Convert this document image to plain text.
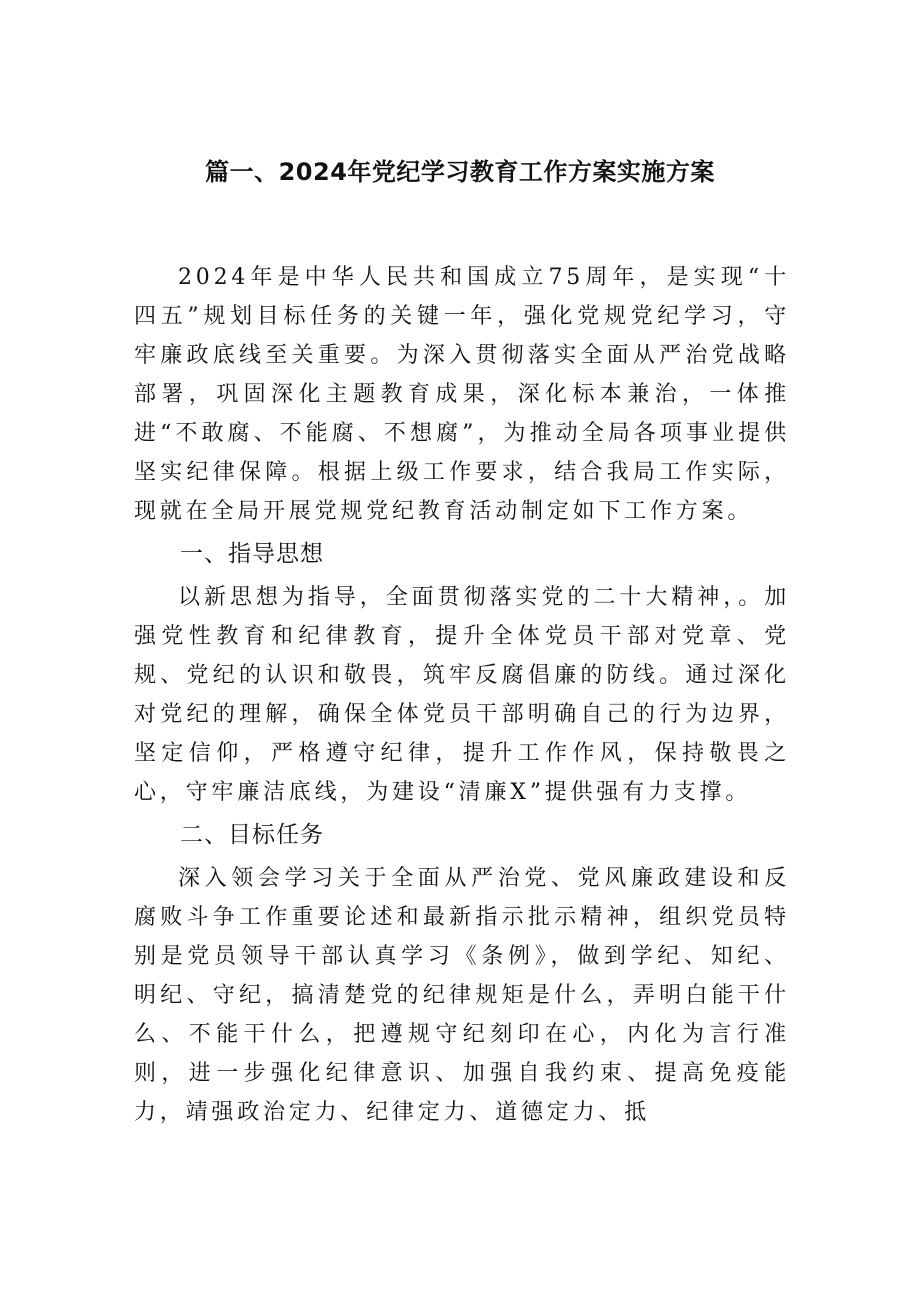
篇一、2024年党纪学习教育工作方案实施方案

2024年是中华人民共和国成立75周年，是实现“十四五”规划目标任务的关键一年，强化党规党纪学习，守牢廉政底线至关重要。为深入贯彻落实全面从严治党战略部署，巩固深化主题教育成果，深化标本兼治，一体推进“不敢腐、不能腐、不想腐”，为推动全局各项事业提供坚实纪律保障。根据上级工作要求，结合我局工作实际，现就在全局开展党规党纪教育活动制定如下工作方案。

一、指导思想

以新思想为指导，全面贯彻落实党的二十大精神，。加强党性教育和纪律教育，提升全体党员干部对党章、党规、党纪的认识和敬畏，筑牢反腐倡廉的防线。通过深化对党纪的理解，确保全体党员干部明确自己的行为边界，坚定信仰，严格遵守纪律，提升工作作风，保持敬畏之心，守牢廉洁底线，为建设“清廉X”提供强有力支撑。

二、目标任务

深入领会学习关于全面从严治党、党风廉政建设和反腐败斗争工作重要论述和最新指示批示精神，组织党员特别是党员领导干部认真学习《条例》，做到学纪、知纪、明纪、守纪，搞清楚党的纪律规矩是什么，弄明白能干什么、不能干什么，把遵规守纪刻印在心，内化为言行准则，进一步强化纪律意识、加强自我约束、提高免疫能力，靖强政治定力、纪律定力、道德定力、抵
